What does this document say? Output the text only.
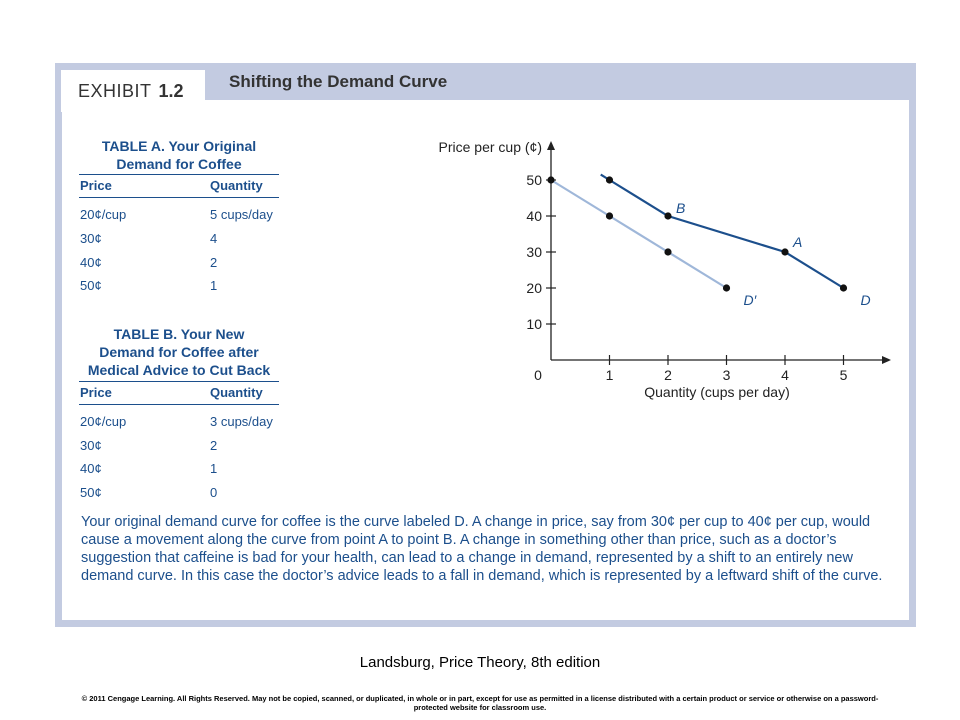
EXHIBIT 1.2	Shifting the Demand Curve
TABLE A. Your Original
Demand for Coffee
Price	Quantity
20¢/cup	5 cups/day
30¢	4
40¢	2
50¢	1
TABLE B. Your New
Demand for Coffee after
Medical Advice to Cut Back
Price	Quantity
20¢/cup	3 cups/day
30¢	2
40¢	1
50¢	0
1	2	3	4	5
10
20
30
40
50
0
Price per cup (¢)
Quantity (cups per day)
D′	D
B
A
Your original demand curve for coffee is the curve labeled D. A change in price, say from 30¢ per cup to 40¢ per cup, would cause a movement along the curve from point A to point B. A change in something other than price, such as a doctor’s suggestion that caffeine is bad for your health, can lead to a change in demand, represented by a shift to an entirely new demand curve. In this case the doctor’s advice leads to a fall in demand, which is represented by a leftward shift of the curve.
Landsburg, Price Theory, 8th edition
© 2011 Cengage Learning. All Rights Reserved. May not be copied, scanned, or duplicated, in whole or in part, except for use as permitted in a license distributed with a certain product or service or otherwise on a password-protected website for classroom use.
